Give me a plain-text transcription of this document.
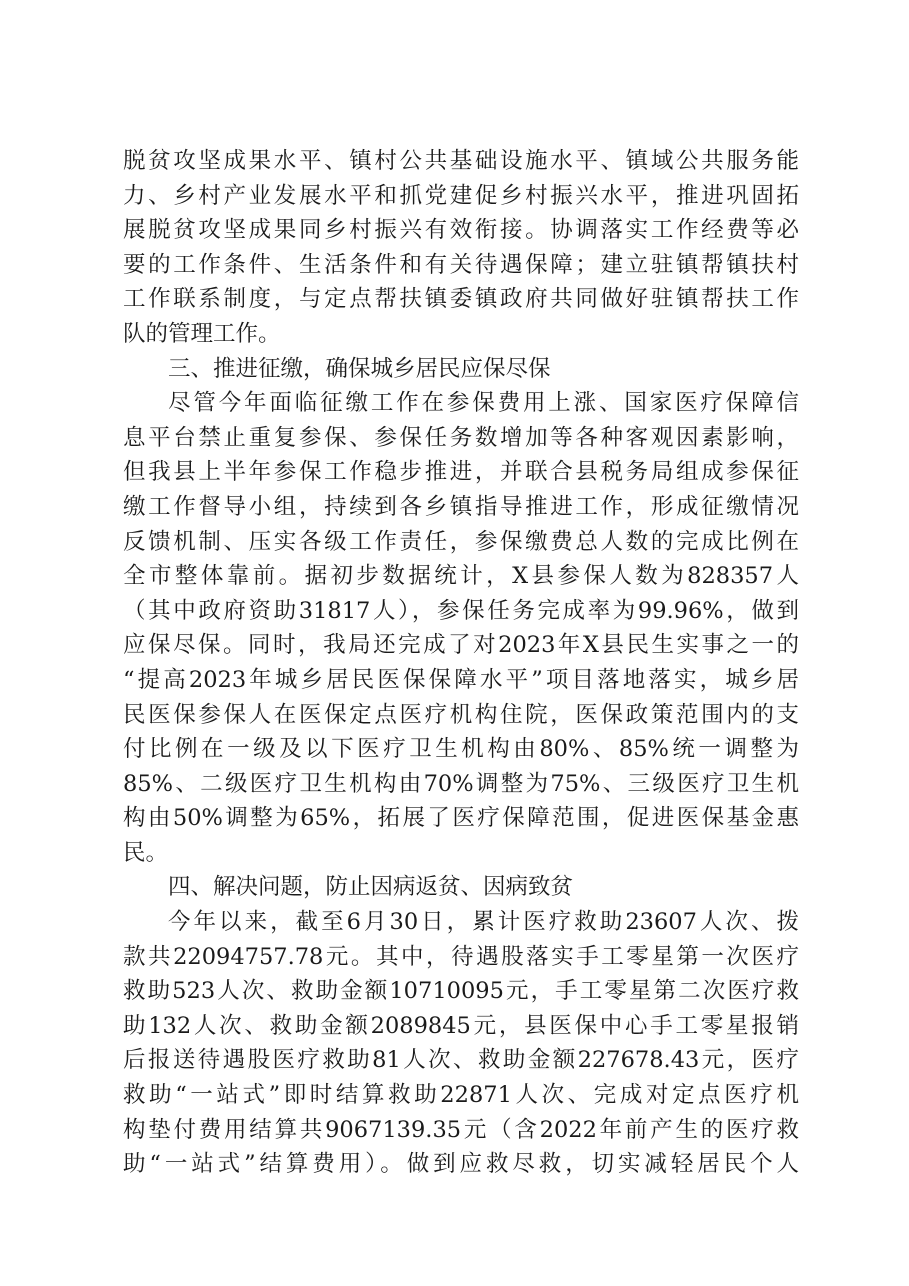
脱贫攻坚成果水平、镇村公共基础设施水平、镇域公共服务能
力、乡村产业发展水平和抓党建促乡村振兴水平，推进巩固拓
展脱贫攻坚成果同乡村振兴有效衔接。协调落实工作经费等必
要的工作条件、生活条件和有关待遇保障；建立驻镇帮镇扶村
工作联系制度，与定点帮扶镇委镇政府共同做好驻镇帮扶工作
队的管理工作。
三、推进征缴，确保城乡居民应保尽保
尽管今年面临征缴工作在参保费用上涨、国家医疗保障信
息平台禁止重复参保、参保任务数增加等各种客观因素影响，
但我县上半年参保工作稳步推进，并联合县税务局组成参保征
缴工作督导小组，持续到各乡镇指导推进工作，形成征缴情况
反馈机制、压实各级工作责任，参保缴费总人数的完成比例在
全市整体靠前。据初步数据统计，X县参保人数为828357人
（其中政府资助31817人），参保任务完成率为99.96%，做到
应保尽保。同时，我局还完成了对2023年X县民生实事之一的
“提高2023年城乡居民医保保障水平”项目落地落实，城乡居
民医保参保人在医保定点医疗机构住院，医保政策范围内的支
付比例在一级及以下医疗卫生机构由80%、85%统一调整为
85%、二级医疗卫生机构由70%调整为75%、三级医疗卫生机
构由50%调整为65%，拓展了医疗保障范围，促进医保基金惠
民。
四、解决问题，防止因病返贫、因病致贫
今年以来，截至6月30日，累计医疗救助23607人次、拨
款共22094757.78元。其中，待遇股落实手工零星第一次医疗
救助523人次、救助金额10710095元，手工零星第二次医疗救
助132人次、救助金额2089845元，县医保中心手工零星报销
后报送待遇股医疗救助81人次、救助金额227678.43元，医疗
救助“一站式”即时结算救助22871人次、完成对定点医疗机
构垫付费用结算共9067139.35元（含2022年前产生的医疗救
助“一站式”结算费用）。做到应救尽救，切实减轻居民个人
